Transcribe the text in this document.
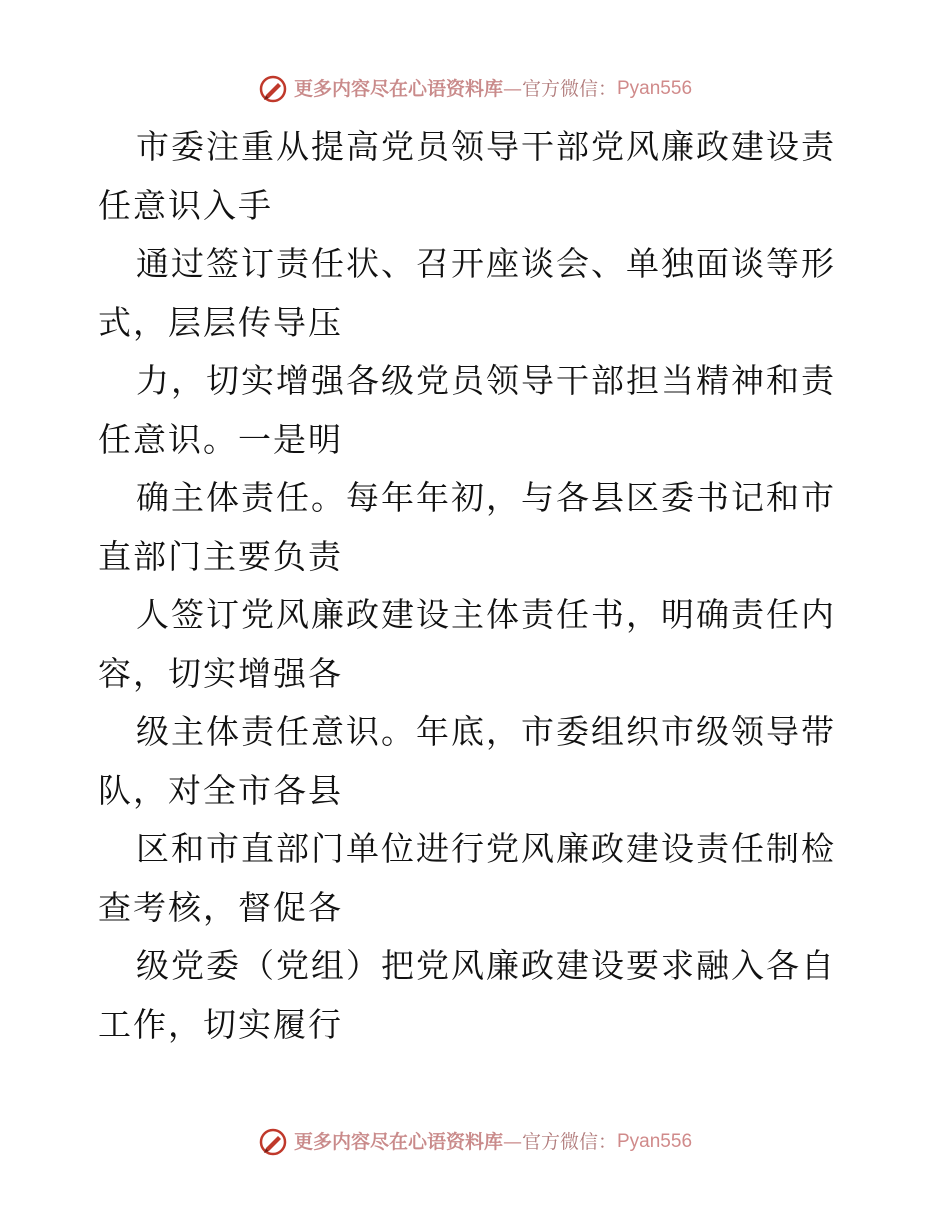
更多内容尽在心语资料库 — 官方微信： Pyan556

市委注重从提高党员领导干部党风廉政建设责任意识入手

通过签订责任状、召开座谈会、单独面谈等形式，层层传导压

力，切实增强各级党员领导干部担当精神和责任意识。一是明

确主体责任。每年年初，与各县区委书记和市直部门主要负责

人签订党风廉政建设主体责任书，明确责任内容，切实增强各

级主体责任意识。年底，市委组织市级领导带队，对全市各县

区和市直部门单位进行党风廉政建设责任制检查考核，督促各

级党委（党组）把党风廉政建设要求融入各自工作，切实履行

更多内容尽在心语资料库 — 官方微信： Pyan556
